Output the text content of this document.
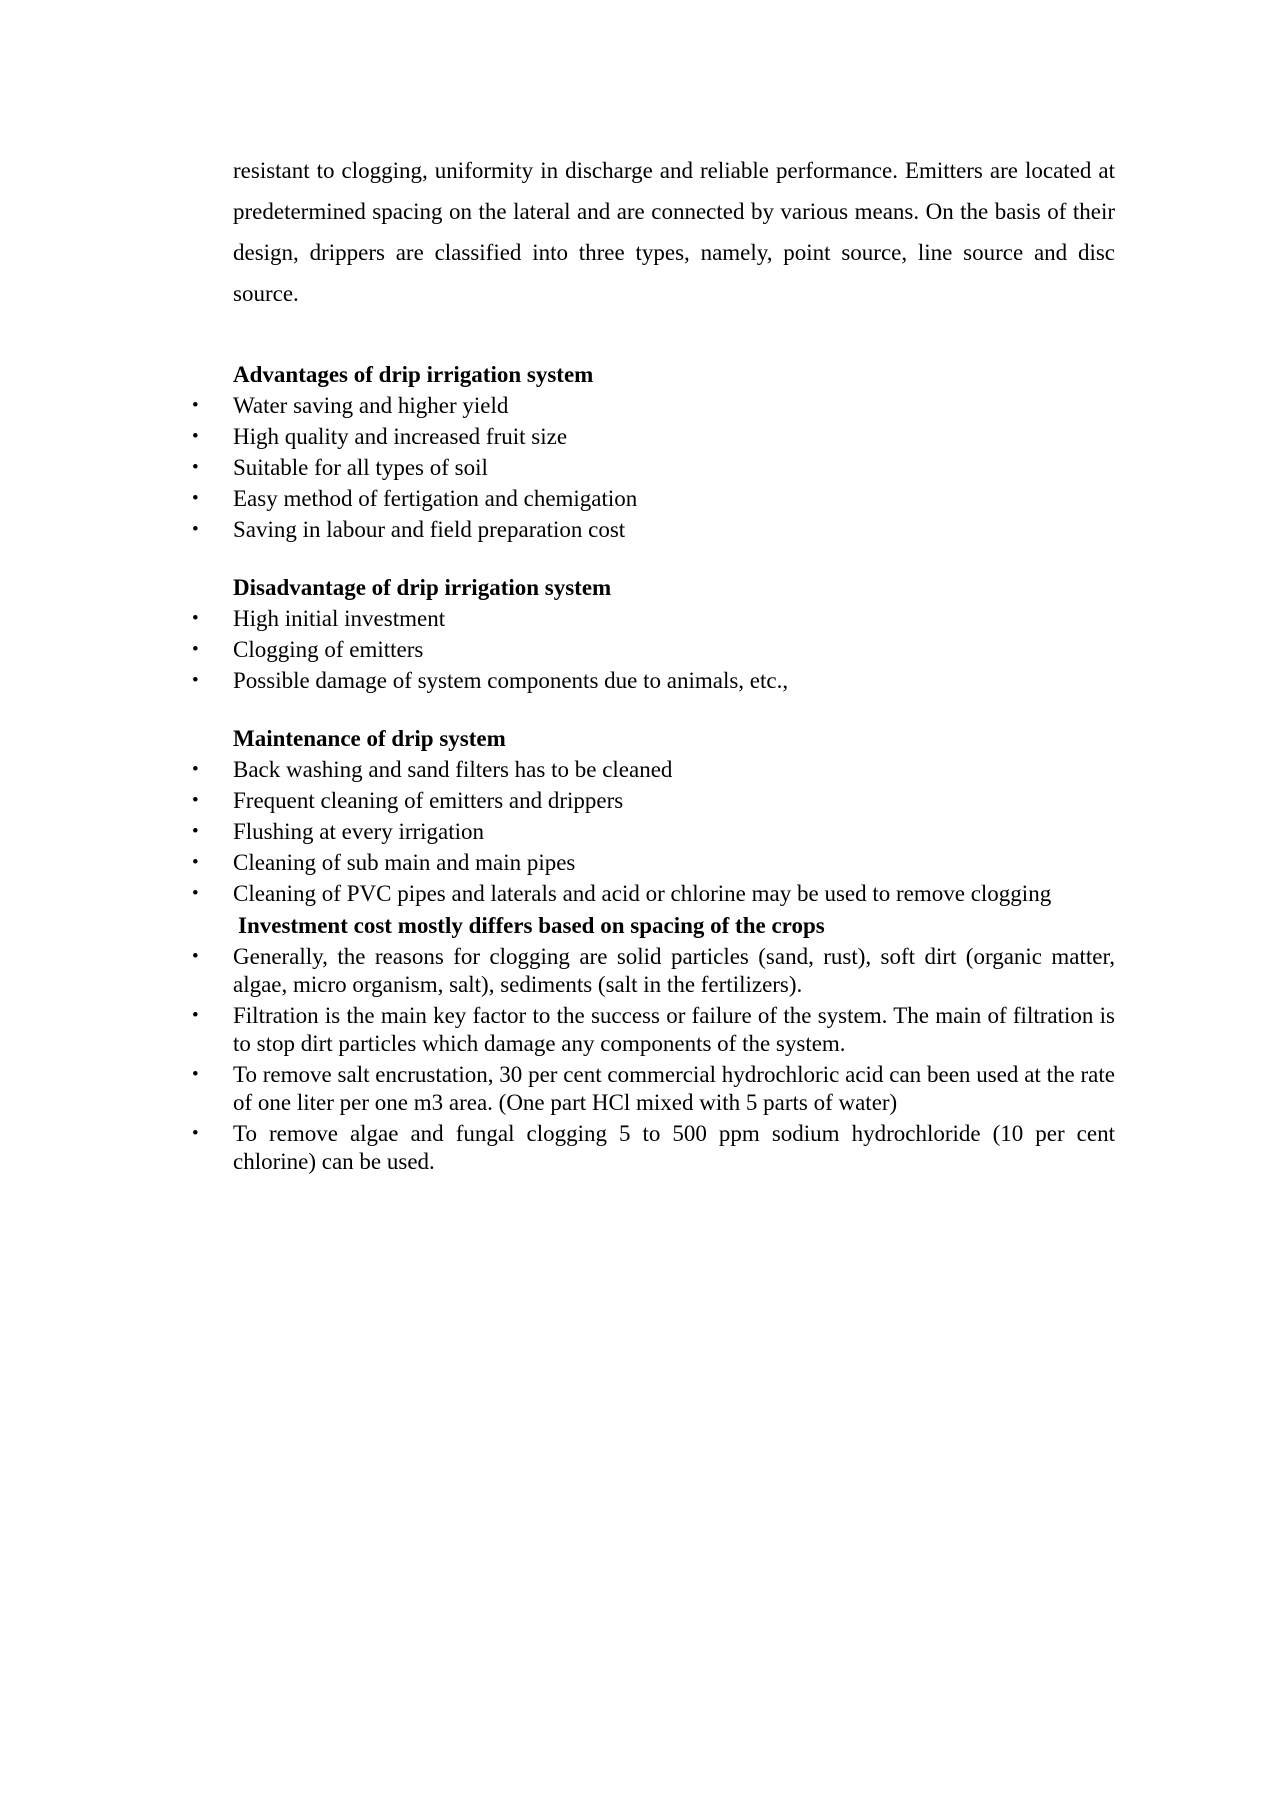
resistant to clogging, uniformity in discharge and reliable performance. Emitters are located at predetermined spacing on the lateral and are connected by various means. On the basis of their design, drippers are classified into three types, namely, point source, line source and disc source.

Advantages of drip irrigation system
• Water saving and higher yield
• High quality and increased fruit size
• Suitable for all types of soil
• Easy method of fertigation and chemigation
• Saving in labour and field preparation cost
Disadvantage of drip irrigation system
• High initial investment
• Clogging of emitters
• Possible damage of system components due to animals, etc.,
Maintenance of drip system
• Back washing and sand filters has to be cleaned
• Frequent cleaning of emitters and drippers
• Flushing at every irrigation
• Cleaning of sub main and main pipes
• Cleaning of PVC pipes and laterals and acid or chlorine may be used to remove clogging
Investment cost mostly differs based on spacing of the crops
• Generally, the reasons for clogging are solid particles (sand, rust), soft dirt (organic matter, algae, micro organism, salt), sediments (salt in the fertilizers).
• Filtration is the main key factor to the success or failure of the system. The main of filtration is to stop dirt particles which damage any components of the system.
• To remove salt encrustation, 30 per cent commercial hydrochloric acid can been used at the rate of one liter per one m3 area. (One part HCl mixed with 5 parts of water)
• To remove algae and fungal clogging 5 to 500 ppm sodium hydrochloride (10 per cent chlorine) can be used.
